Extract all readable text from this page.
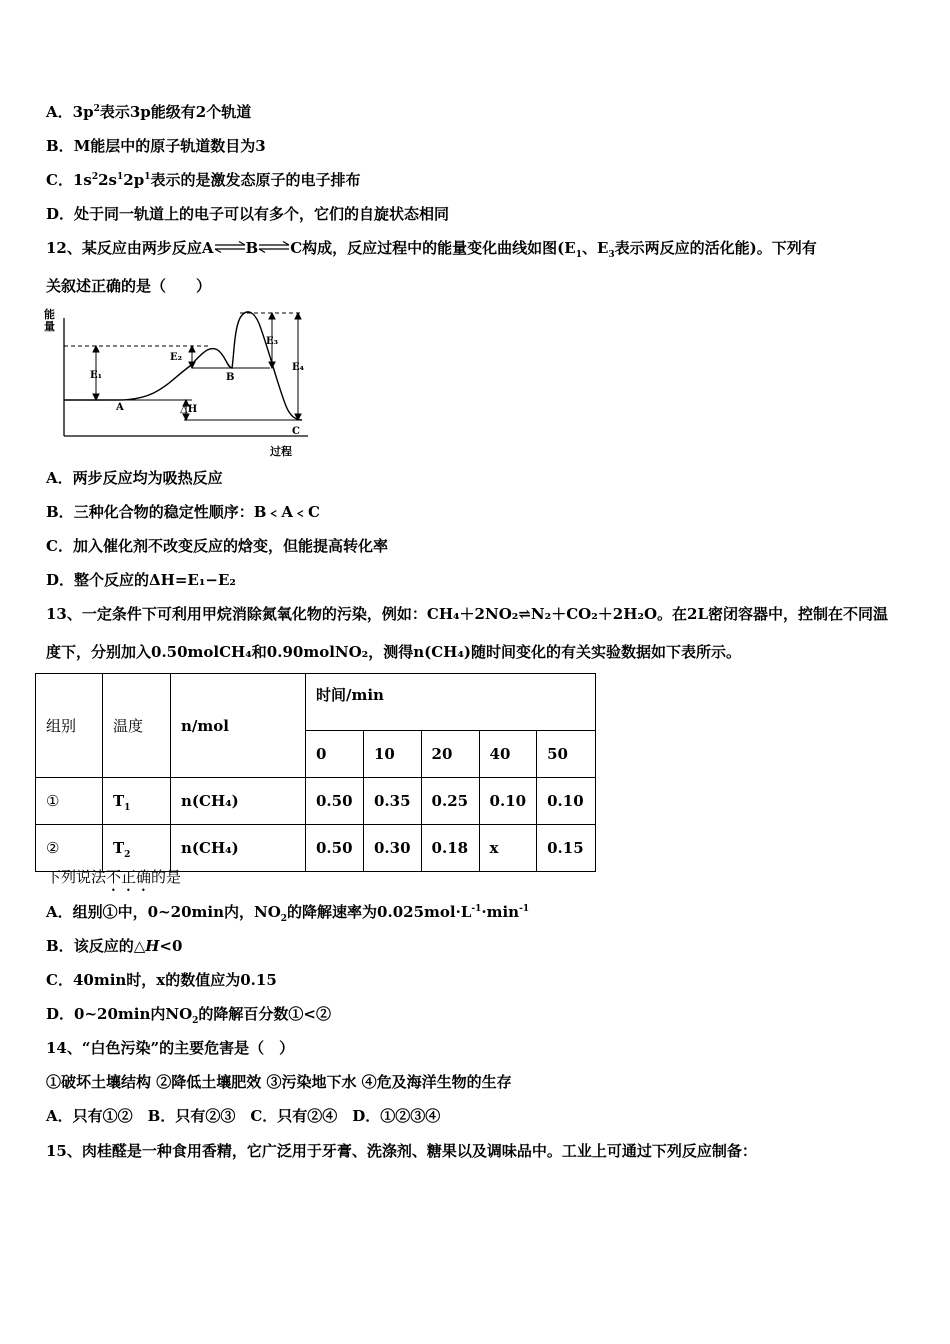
A．$3p^2$表示3p能级有2个轨道
B．M能层中的原子轨道数目为3
C．$1s^22s^12p^1$表示的是激发态原子的电子排布
D．处于同一轨道上的电子可以有多个，它们的自旋状态相同
12、某反应由两步反应A⇌B⇌C构成，反应过程中的能量变化曲线如图($E_1$、$E_3$表示两反应的活化能)。下列有
关叙述正确的是（　　）
能
量
过程
E₁
E₂
E₃
E₄
△H
A
B
C
A．两步反应均为吸热反应
B．三种化合物的稳定性顺序：B﹤A﹤C
C．加入催化剂不改变反应的焓变，但能提高转化率
D．整个反应的ΔH=E₁−E₂
13、一定条件下可利用甲烷消除氮氧化物的污染，例如：CH₄＋2NO₂⇌N₂＋CO₂＋2H₂O。在2L密闭容器中，控制在不同温
度下，分别加入0.50molCH₄和0.90molNO₂，测得n(CH₄)随时间变化的有关实验数据如下表所示。
组别	温度	n/mol	时间/min				
			0	10	20	40	50
①	$T_1$	n(CH₄)	0.50	0.35	0.25	0.10	0.10
②	$T_2$	n(CH₄)	0.50	0.30	0.18	x	0.15
下列说法不正确的是
A．组别①中，0~20min内，$NO_2$的降解速率为$0.025mol\cdot L^{-1}\cdot\min^{-1}$
B．该反应的△H<0
C．40min时，x的数值应为0.15
D．0~20min内$NO_2$的降解百分数①<②
14、“白色污染”的主要危害是（　）
①破坏土壤结构 ②降低土壤肥效 ③污染地下水 ④危及海洋生物的生存
A．只有①②　B．只有②③　C．只有②④　D．①②③④
15、肉桂醛是一种食用香精，它广泛用于牙膏、洗涤剂、糖果以及调味品中。工业上可通过下列反应制备：
